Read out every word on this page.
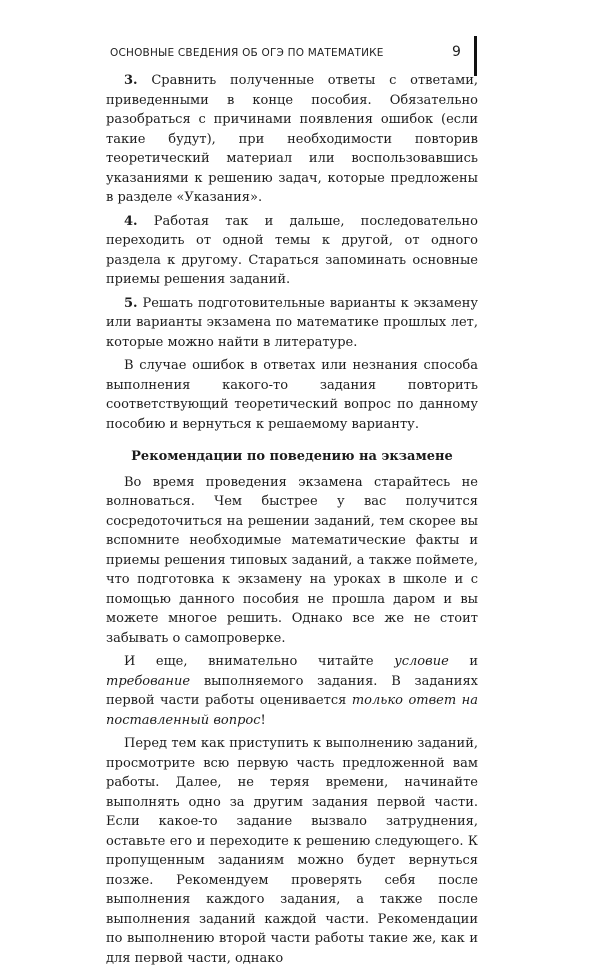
ОСНОВНЫЕ СВЕДЕНИЯ ОБ ОГЭ ПО МАТЕМАТИКЕ	9

3. Сравнить полученные ответы с ответами, приведенными в конце пособия. Обязательно разобраться с причинами появления ошибок (если такие будут), при необходимости повторив теоретический материал или воспользовавшись указаниями к решению задач, которые предложены в разделе «Указания».

4. Работая так и дальше, последовательно переходить от одной темы к другой, от одного раздела к другому. Стараться запоминать основные приемы решения заданий.

5. Решать подготовительные варианты к экзамену или варианты экзамена по математике прошлых лет, которые можно найти в литературе.

В случае ошибок в ответах или незнания способа выполнения какого-то задания повторить соответствующий теоретический вопрос по данному пособию и вернуться к решаемому варианту.

Рекомендации по поведению на экзамене

Во время проведения экзамена старайтесь не волноваться. Чем быстрее у вас получится сосредоточиться на решении заданий, тем скорее вы вспомните необходимые математические факты и приемы решения типовых заданий, а также поймете, что подготовка к экзамену на уроках в школе и с помощью данного пособия не прошла даром и вы можете многое решить. Однако все же не стоит забывать о самопроверке.

И еще, внимательно читайте условие и требование выполняемого задания. В заданиях первой части работы оценивается только ответ на поставленный вопрос!

Перед тем как приступить к выполнению заданий, просмотрите всю первую часть предложенной вам работы. Далее, не теряя времени, начинайте выполнять одно за другим задания первой части. Если какое-то задание вызвало затруднения, оставьте его и переходите к решению следующего. К пропущенным заданиям можно будет вернуться позже. Рекомендуем проверять себя после выполнения каждого задания, а также после выполнения заданий каждой части. Рекомендации по выполнению второй части работы такие же, как и для первой части, однако
